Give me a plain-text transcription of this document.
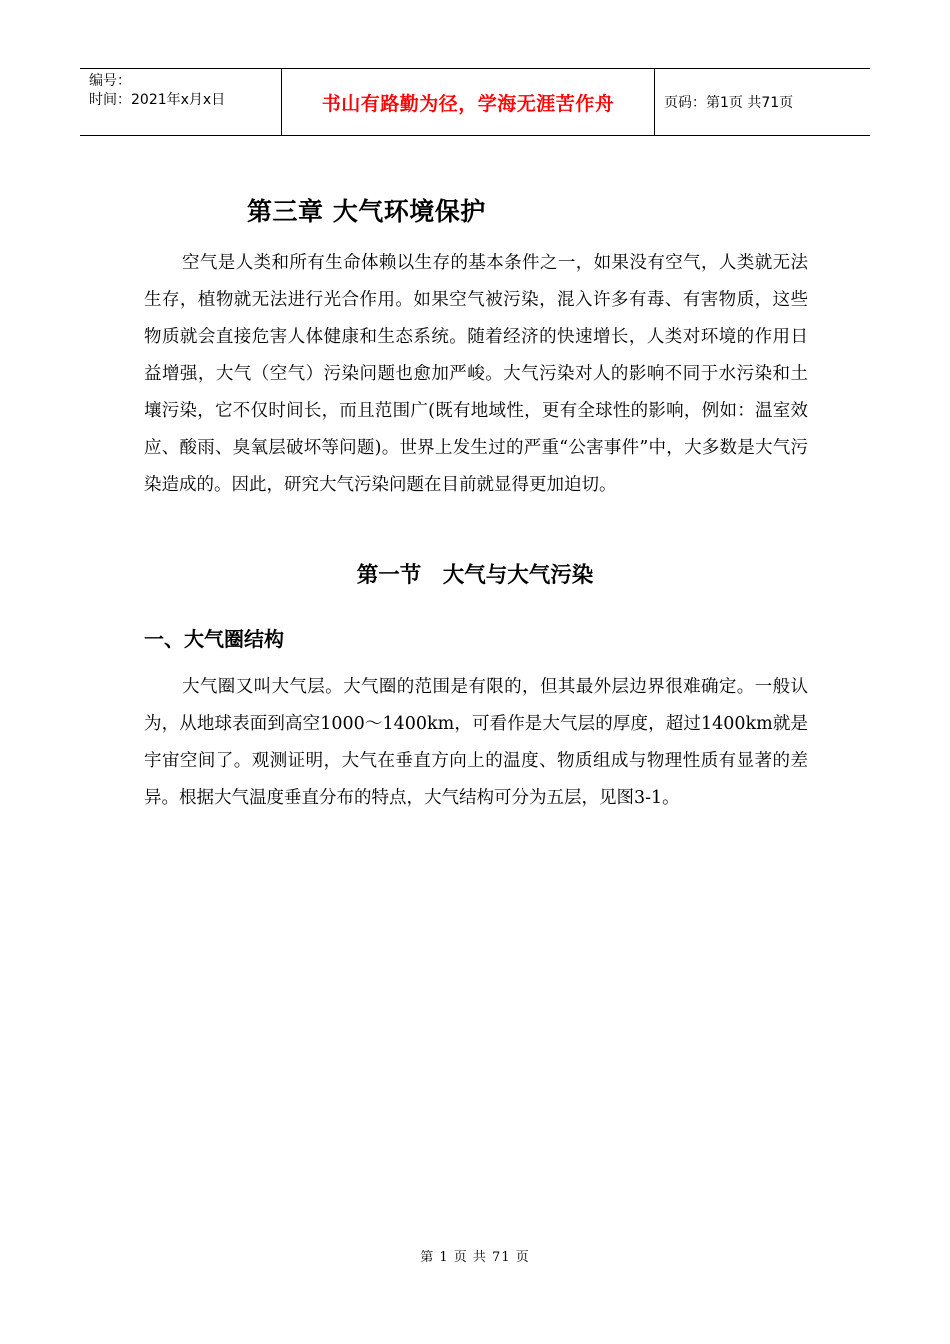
编号：
时间：2021年x月x日	书山有路勤为径，学海无涯苦作舟	页码：第1页 共71页
第三章 大气环境保护

空气是人类和所有生命体赖以生存的基本条件之一，如果没有空气，人类就无法生存，植物就无法进行光合作用。如果空气被污染，混入许多有毒、有害物质，这些物质就会直接危害人体健康和生态系统。随着经济的快速增长，人类对环境的作用日益增强，大气（空气）污染问题也愈加严峻。大气污染对人的影响不同于水污染和土壤污染，它不仅时间长，而且范围广(既有地域性，更有全球性的影响，例如：温室效应、酸雨、臭氧层破坏等问题)。世界上发生过的严重“公害事件”中，大多数是大气污染造成的。因此，研究大气污染问题在目前就显得更加迫切。

第一节　大气与大气污染
一、大气圈结构

大气圈又叫大气层。大气圈的范围是有限的，但其最外层边界很难确定。一般认为，从地球表面到高空1000～1400km，可看作是大气层的厚度，超过1400km就是宇宙空间了。观测证明，大气在垂直方向上的温度、物质组成与物理性质有显著的差异。根据大气温度垂直分布的特点，大气结构可分为五层，见图3-1。

第 1 页 共 71 页
